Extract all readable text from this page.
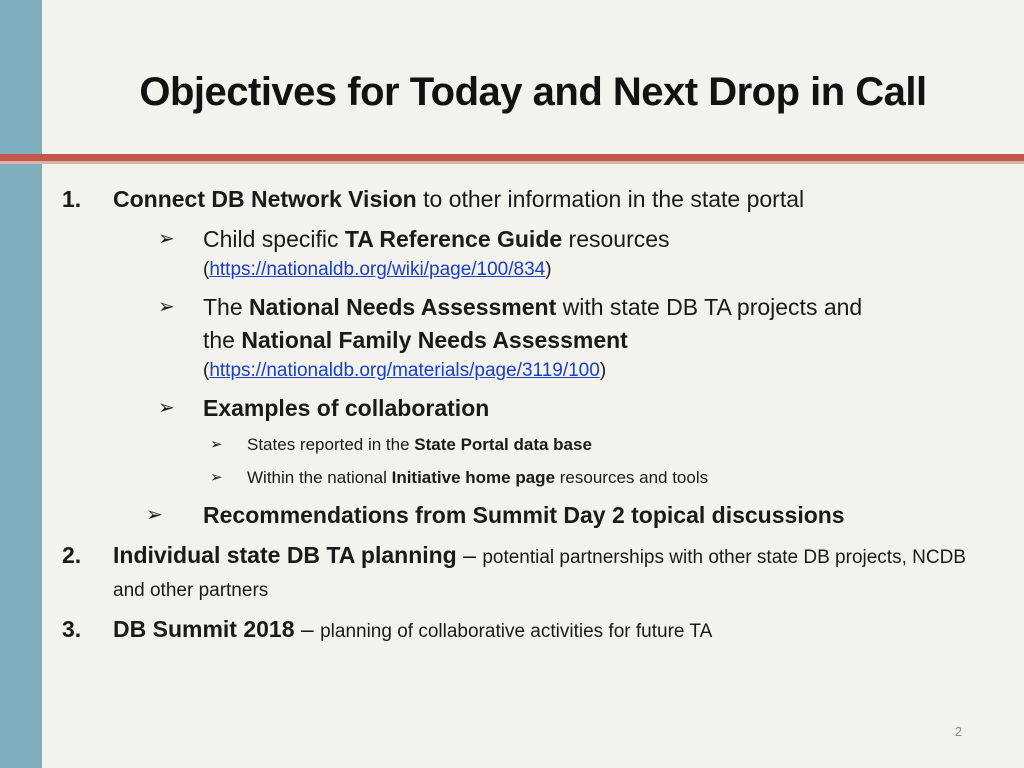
Objectives for Today and Next Drop in Call
1. Connect DB Network Vision to other information in the state portal
➢ Child specific TA Reference Guide resources
(https://nationaldb.org/wiki/page/100/834)
➢ The National Needs Assessment with state DB TA projects and
the National Family Needs Assessment
(https://nationaldb.org/materials/page/3119/100)
➢ Examples of collaboration
➢ States reported in the State Portal data base
➢ Within the national Initiative home page resources and tools
➢ Recommendations from Summit Day 2 topical discussions
2. Individual state DB TA planning – potential partnerships with other state DB projects, NCDB and other partners
3. DB Summit 2018 – planning of collaborative activities for future TA
2
